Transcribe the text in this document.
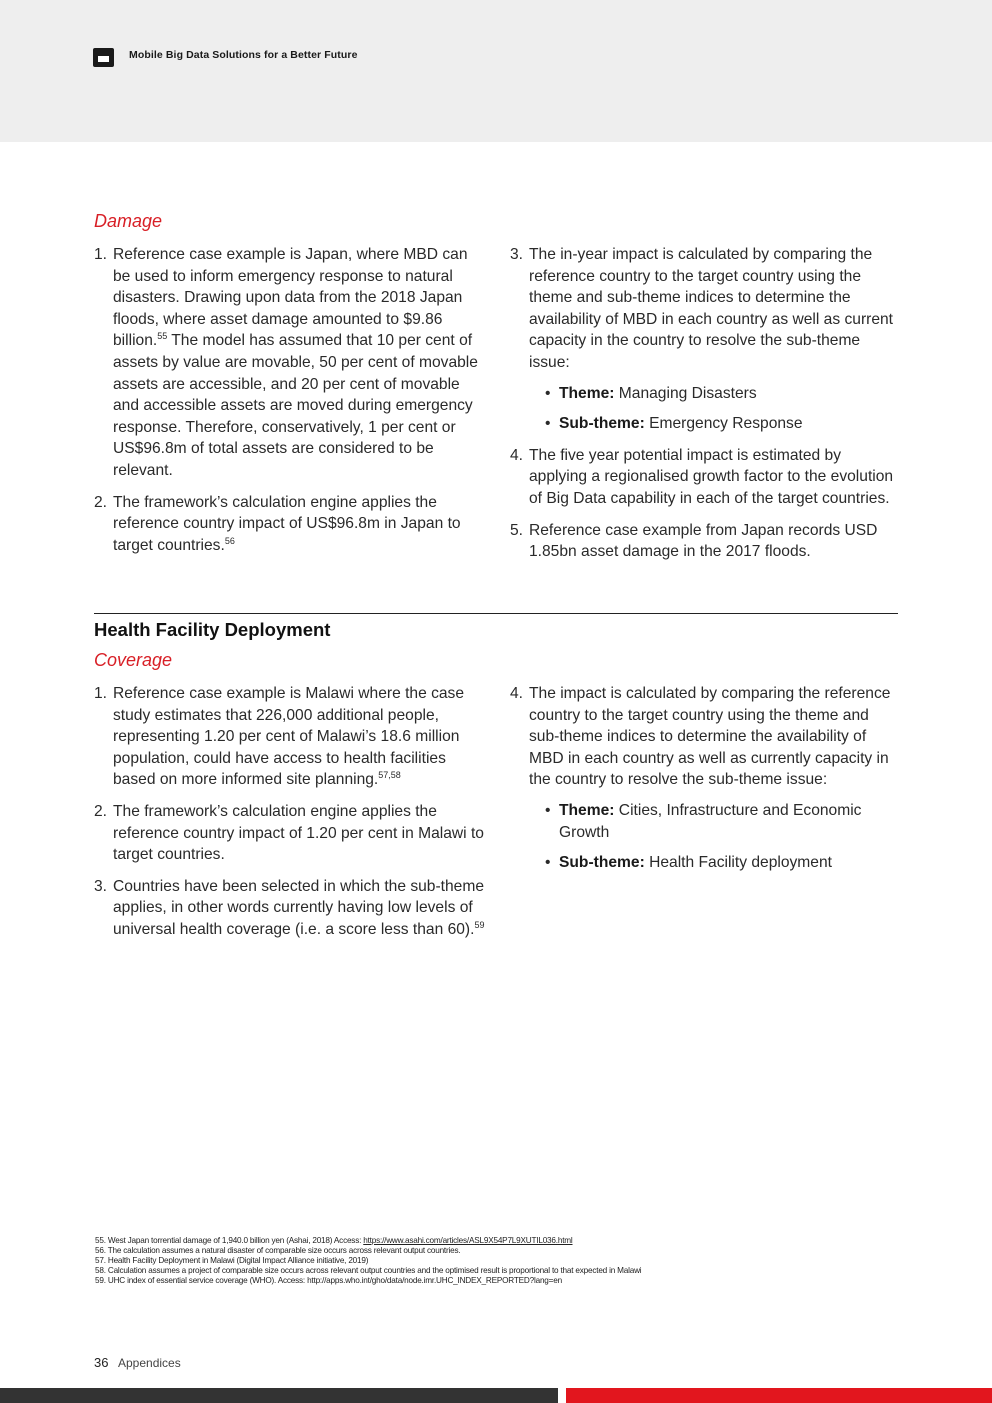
Mobile Big Data Solutions for a Better Future
Damage
1. Reference case example is Japan, where MBD can be used to inform emergency response to natural disasters. Drawing upon data from the 2018 Japan floods, where asset damage amounted to $9.86 billion.$^{55}$ The model has assumed that 10 per cent of assets by value are movable, 50 per cent of movable assets are accessible, and 20 per cent of movable and accessible assets are moved during emergency response. Therefore, conservatively, 1 per cent or US$96.8m of total assets are considered to be relevant.
2. The framework’s calculation engine applies the reference country impact of US$96.8m in Japan to target countries.$^{56}$
3. The in-year impact is calculated by comparing the reference country to the target country using the theme and sub-theme indices to determine the availability of MBD in each country as well as current capacity in the country to resolve the sub-theme issue:
• Theme: Managing Disasters
• Sub-theme: Emergency Response
4. The five year potential impact is estimated by applying a regionalised growth factor to the evolution of Big Data capability in each of the target countries.
5. Reference case example from Japan records USD 1.85bn asset damage in the 2017 floods.
Health Facility Deployment
Coverage
1. Reference case example is Malawi where the case study estimates that 226,000 additional people, representing 1.20 per cent of Malawi’s 18.6 million population, could have access to health facilities based on more informed site planning.$^{57,58}$
2. The framework’s calculation engine applies the reference country impact of 1.20 per cent in Malawi to target countries.
3. Countries have been selected in which the sub-theme applies, in other words currently having low levels of universal health coverage (i.e. a score less than 60).$^{59}$
4. The impact is calculated by comparing the reference country to the target country using the theme and sub-theme indices to determine the availability of MBD in each country as well as currently capacity in the country to resolve the sub-theme issue:
• Theme: Cities, Infrastructure and Economic Growth
• Sub-theme: Health Facility deployment
55. West Japan torrential damage of 1,940.0 billion yen (Ashai, 2018) Access: https://www.asahi.com/articles/ASL9X54P7L9XUTIL036.html
56. The calculation assumes a natural disaster of comparable size occurs across relevant output countries.
57. Health Facility Deployment in Malawi (Digital Impact Alliance initiative, 2019)
58. Calculation assumes a project of comparable size occurs across relevant output countries and the optimised result is proportional to that expected in Malawi
59. UHC index of essential service coverage (WHO). Access: http://apps.who.int/gho/data/node.imr.UHC_INDEX_REPORTED?lang=en
36 Appendices
